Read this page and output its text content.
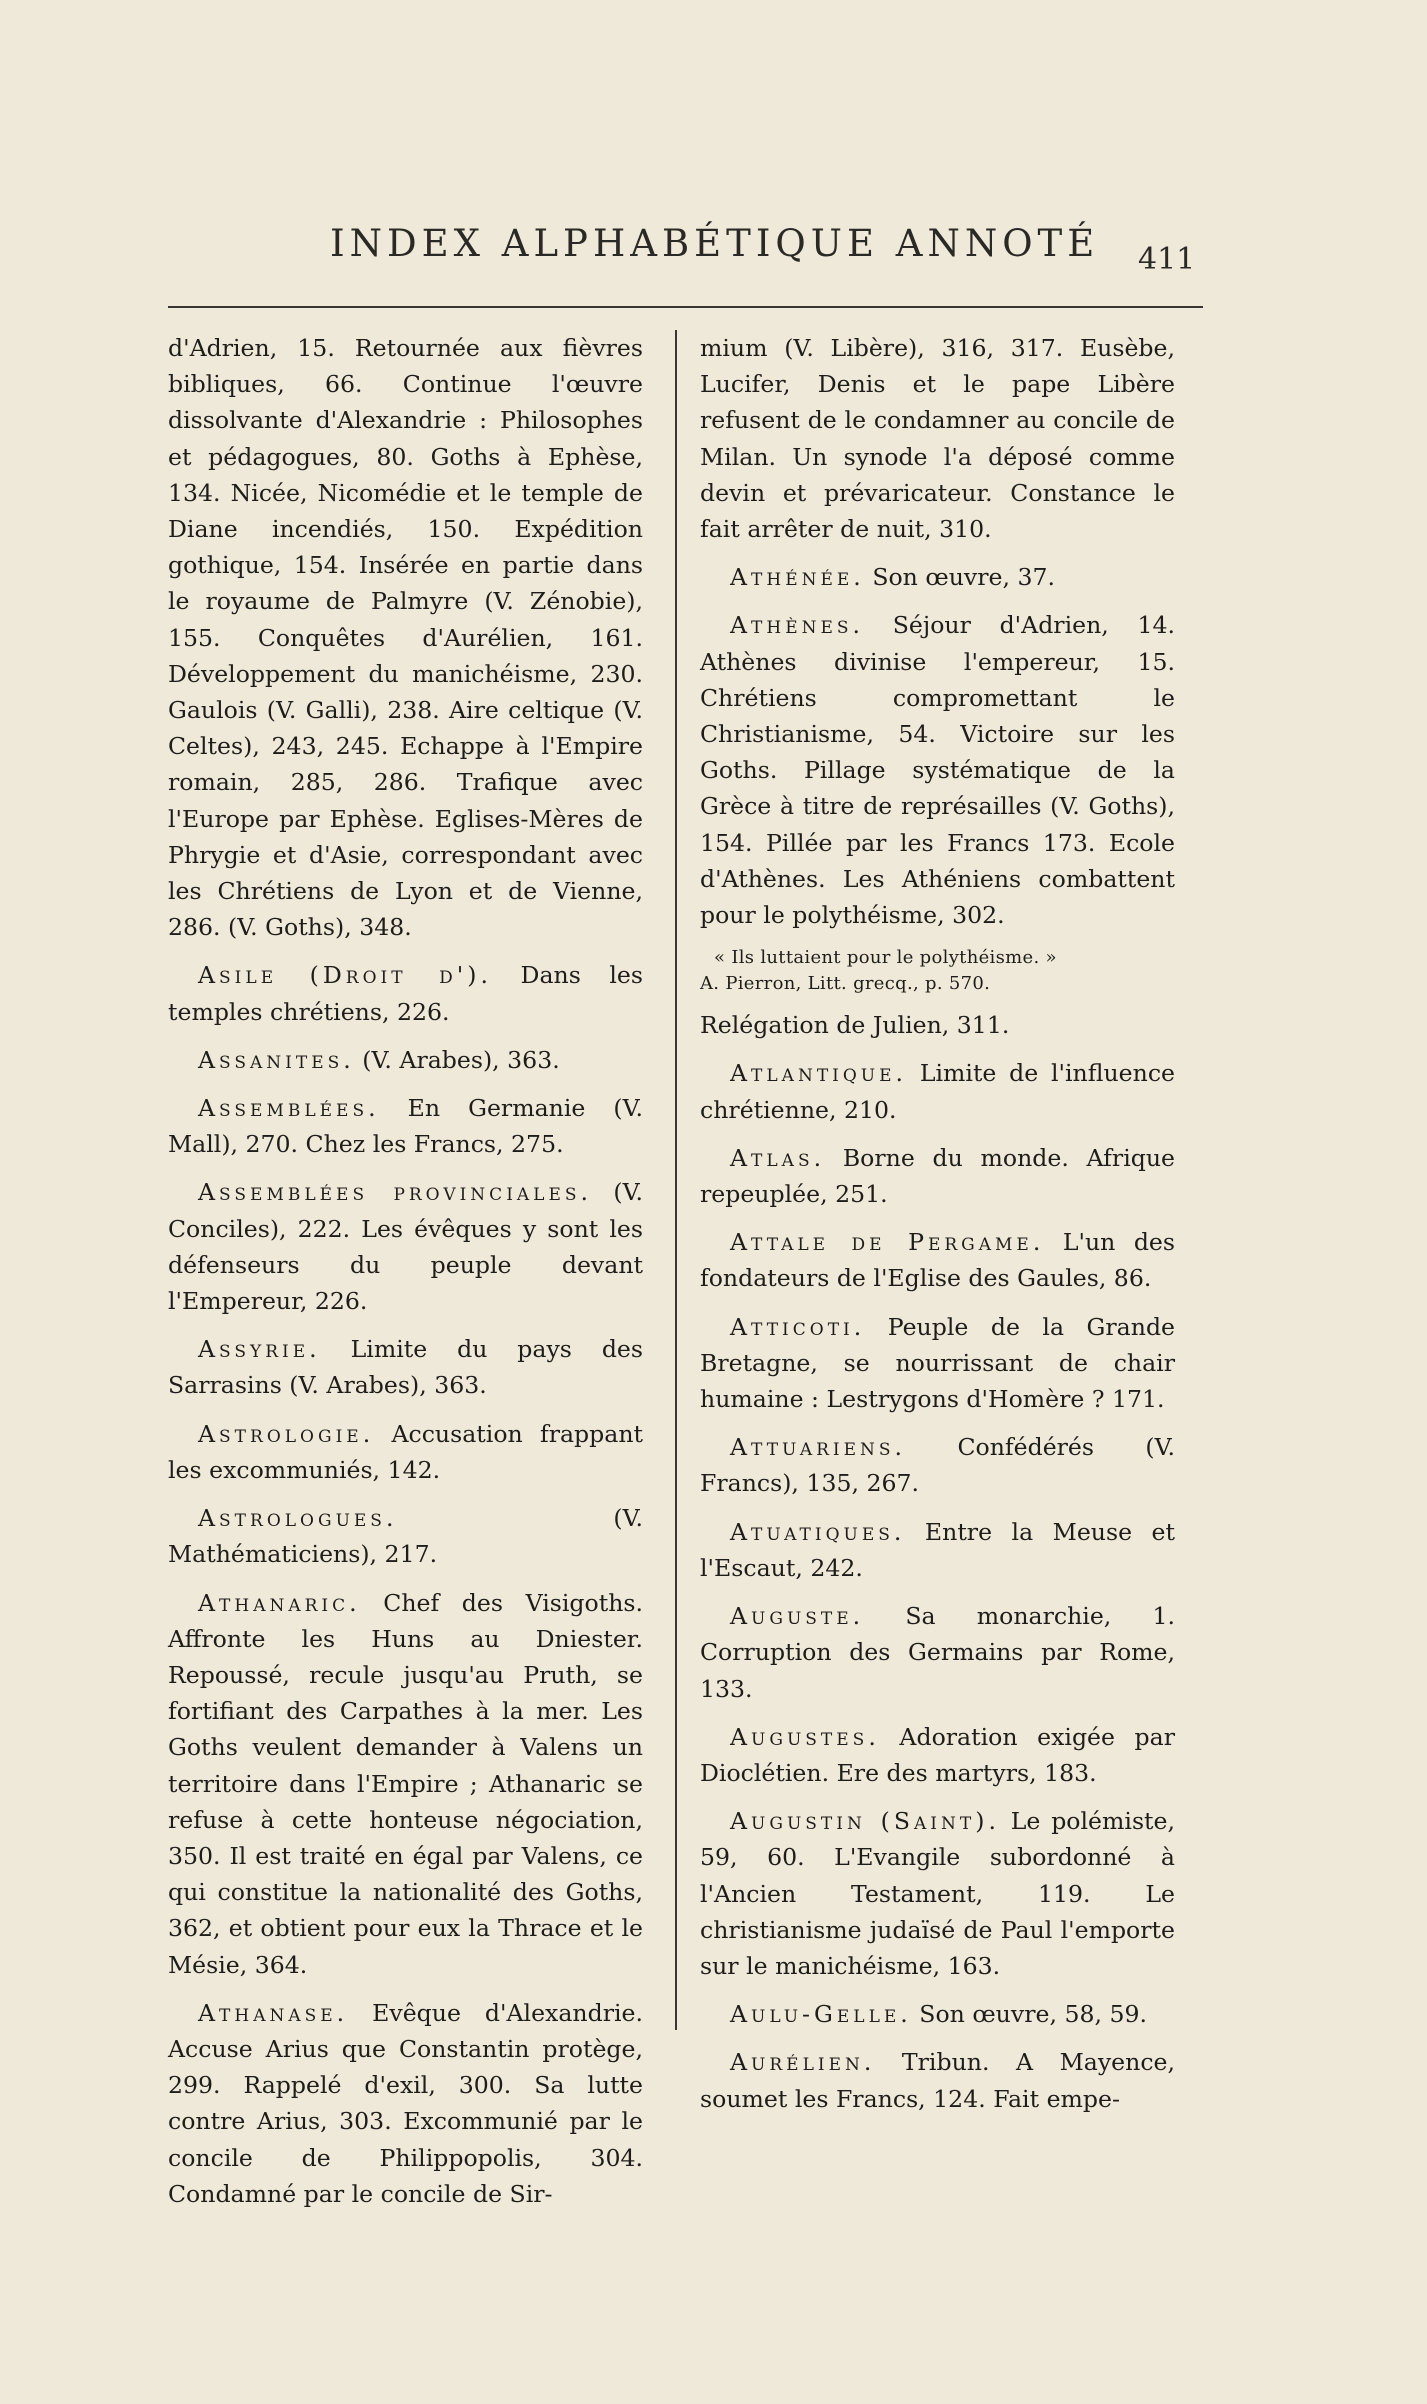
INDEX ALPHABÉTIQUE ANNOTÉ 411

d'Adrien, 15. Retournée aux fièvres bibliques, 66. Continue l'œuvre dissolvante d'Alexandrie : Philosophes et pédagogues, 80. Goths à Ephèse, 134. Nicée, Nicomédie et le temple de Diane incendiés, 150. Expédition gothique, 154. Insérée en partie dans le royaume de Palmyre (V. Zénobie), 155. Conquêtes d'Aurélien, 161. Développement du manichéisme, 230. Gaulois (V. Galli), 238. Aire celtique (V. Celtes), 243, 245. Echappe à l'Empire romain, 285, 286. Trafique avec l'Europe par Ephèse. Eglises-Mères de Phrygie et d'Asie, correspondant avec les Chrétiens de Lyon et de Vienne, 286. (V. Goths), 348.

Asile (Droit d'). Dans les temples chrétiens, 226.

Assanites. (V. Arabes), 363.

Assemblées. En Germanie (V. Mall), 270. Chez les Francs, 275.

Assemblées provinciales. (V. Conciles), 222. Les évêques y sont les défenseurs du peuple devant l'Empereur, 226.

Assyrie. Limite du pays des Sarrasins (V. Arabes), 363.

Astrologie. Accusation frappant les excommuniés, 142.

Astrologues.	(V. Mathématiciens), 217.

Athanaric. Chef des Visigoths. Affronte les Huns au Dniester. Repoussé, recule jusqu'au Pruth, se fortifiant des Carpathes à la mer. Les Goths veulent demander à Valens un territoire dans l'Empire ; Athanaric se refuse à cette honteuse négociation, 350. Il est traité en égal par Valens, ce qui constitue la nationalité des Goths, 362, et obtient pour eux la Thrace et le Mésie, 364.

Athanase. Evêque d'Alexandrie. Accuse Arius que Constantin protège, 299. Rappelé d'exil, 300. Sa lutte contre Arius, 303. Excommunié par le concile de Philippopolis, 304. Condamné par le concile de Sir-

mium (V. Libère), 316, 317. Eusèbe, Lucifer, Denis et le pape Libère refusent de le condamner au concile de Milan. Un synode l'a déposé comme devin et prévaricateur. Constance le fait arrêter de nuit, 310.

Athénée. Son œuvre, 37.

Athènes. Séjour d'Adrien, 14. Athènes divinise l'empereur, 15. Chrétiens compromettant le Christianisme, 54. Victoire sur les Goths. Pillage systématique de la Grèce à titre de représailles (V. Goths), 154. Pillée par les Francs 173. Ecole d'Athènes. Les Athéniens combattent pour le polythéisme, 302.

« Ils luttaient pour le polythéisme. »
A. Pierron, Litt. grecq., p. 570.

Relégation de Julien, 311.

Atlantique. Limite de l'influence chrétienne, 210.

Atlas. Borne du monde. Afrique repeuplée, 251.

Attale de Pergame. L'un des fondateurs de l'Eglise des Gaules, 86.

Atticoti. Peuple de la Grande Bretagne, se nourrissant de chair humaine : Lestrygons d'Homère ? 171.

Attuariens. Confédérés (V. Francs), 135, 267.

Atuatiques. Entre la Meuse et l'Escaut, 242.

Auguste. Sa monarchie, 1. Corruption des Germains par Rome, 133.

Augustes. Adoration exigée par Dioclétien. Ere des martyrs, 183.

Augustin (Saint). Le polémiste, 59, 60. L'Evangile subordonné à l'Ancien Testament, 119. Le christianisme judaïsé de Paul l'emporte sur le manichéisme, 163.

Aulu-Gelle. Son œuvre, 58, 59.

Aurélien. Tribun. A Mayence, soumet les Francs, 124. Fait empe-
